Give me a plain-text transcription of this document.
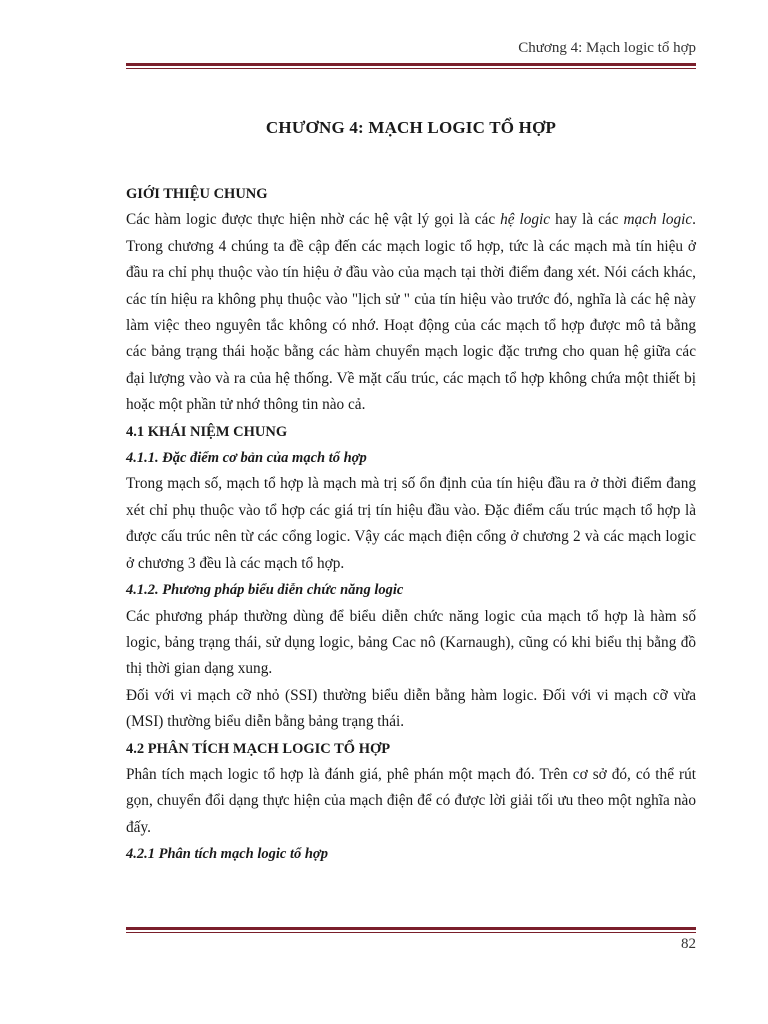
Chương 4: Mạch logic tổ hợp
CHƯƠNG 4: MẠCH LOGIC TỔ HỢP
GIỚI THIỆU CHUNG

Các hàm logic được thực hiện nhờ các hệ vật lý gọi là các hệ logic hay là các mạch logic. Trong chương 4 chúng ta đề cập đến các mạch logic tổ hợp, tức là các mạch mà tín hiệu ở đầu ra chỉ phụ thuộc vào tín hiệu ở đầu vào của mạch tại thời điểm đang xét. Nói cách khác, các tín hiệu ra không phụ thuộc vào "lịch sử " của tín hiệu vào trước đó, nghĩa là các hệ này làm việc theo nguyên tắc không có nhớ. Hoạt động của các mạch tổ hợp được mô tả bằng các bảng trạng thái hoặc bằng các hàm chuyển mạch logic đặc trưng cho quan hệ giữa các đại lượng vào và ra của hệ thống. Về mặt cấu trúc, các mạch tổ hợp không chứa một thiết bị hoặc một phần tử nhớ thông tin nào cả.

4.1 KHÁI NIỆM CHUNG
4.1.1. Đặc điểm cơ bản của mạch tổ hợp

Trong mạch số, mạch tổ hợp là mạch mà trị số ổn định của tín hiệu đầu ra ở thời điểm đang xét chỉ phụ thuộc vào tổ hợp các giá trị tín hiệu đầu vào. Đặc điểm cấu trúc mạch tổ hợp là được cấu trúc nên từ các cổng logic. Vậy các mạch điện cổng ở chương 2 và các mạch logic ở chương 3 đều là các mạch tổ hợp.

4.1.2. Phương pháp biểu diễn chức năng logic

Các phương pháp thường dùng để biểu diễn chức năng logic của mạch tổ hợp là hàm số logic, bảng trạng thái, sử dụng logic, bảng Cac nô (Karnaugh), cũng có khi biểu thị bằng đồ thị thời gian dạng xung.

Đối với vi mạch cỡ nhỏ (SSI) thường biểu diễn bằng hàm logic. Đối với vi mạch cỡ vừa (MSI) thường biểu diễn bằng bảng trạng thái.

4.2 PHÂN TÍCH MẠCH LOGIC TỔ HỢP

Phân tích mạch logic tổ hợp là đánh giá, phê phán một mạch đó. Trên cơ sở đó, có thể rút gọn, chuyển đổi dạng thực hiện của mạch điện để có được lời giải tối ưu theo một nghĩa nào đấy.

4.2.1 Phân tích mạch logic tổ hợp
82
